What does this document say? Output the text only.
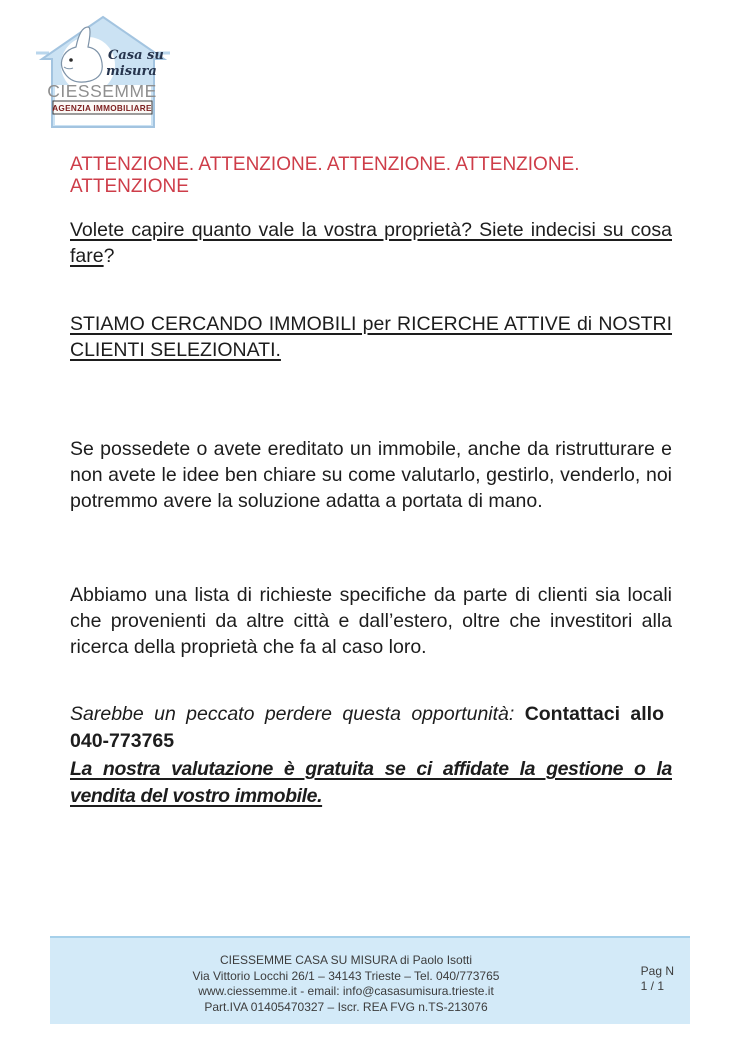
Casa su
misura
CIESSEMME
AGENZIA IMMOBILIARE
ATTENZIONE. ATTENZIONE. ATTENZIONE. ATTENZIONE. ATTENZIONE
Volete capire quanto vale la vostra proprietà? Siete indecisi su cosa fare?
STIAMO CERCANDO IMMOBILI per RICERCHE ATTIVE di NOSTRI CLIENTI SELEZIONATI.
Se possedete o avete ereditato un immobile, anche da ristrutturare e non avete le idee ben chiare su come valutarlo, gestirlo, venderlo, noi potremmo avere la soluzione adatta a portata di mano.
Abbiamo una lista di richieste specifiche da parte di clienti sia locali che provenienti da altre città e dall’estero, oltre che investitori alla ricerca della proprietà che fa al caso loro.
Sarebbe un peccato perdere questa opportunità: Contattaci allo 040-773765
La nostra valutazione è gratuita se ci affidate la gestione o la vendita del vostro immobile.
CIESSEMME CASA SU MISURA di Paolo Isotti
Via Vittorio Locchi 26/1 – 34143 Trieste – Tel. 040/773765
www.ciessemme.it - email: info@casasumisura.trieste.it
Part.IVA 01405470327 – Iscr. REA FVG n.TS-213076
Pag N
1 / 1
